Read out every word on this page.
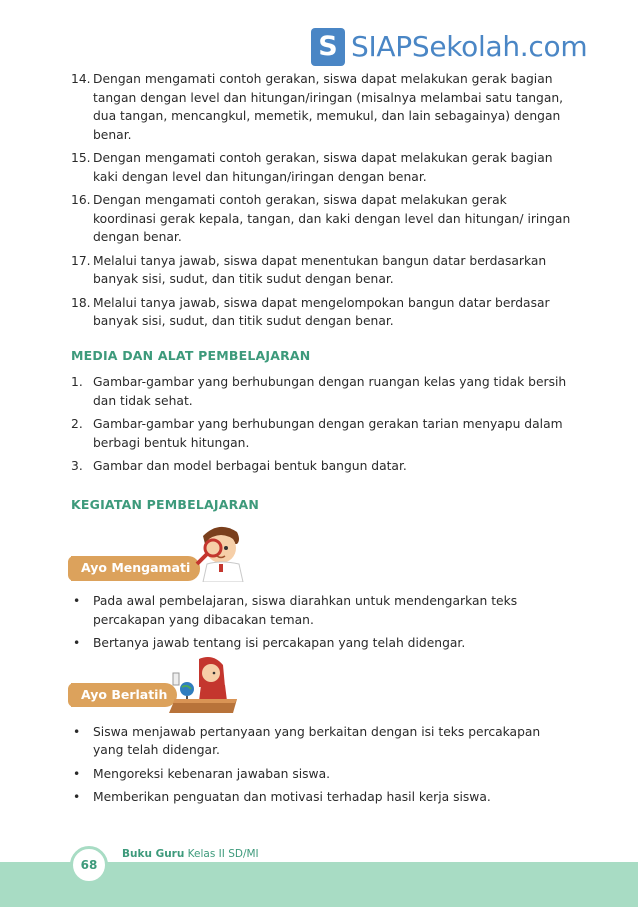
S SIAPSekolah.com
14. Dengan mengamati contoh gerakan, siswa dapat melakukan gerak bagian tangan dengan level dan hitungan/iringan (misalnya melambai satu tangan, dua tangan, mencangkul, memetik, memukul, dan lain sebagainya) dengan benar.
15. Dengan mengamati contoh gerakan, siswa dapat melakukan gerak bagian kaki dengan level dan hitungan/iringan dengan benar.
16. Dengan mengamati contoh gerakan, siswa dapat melakukan gerak koordinasi gerak kepala, tangan, dan kaki dengan level dan hitungan/ iringan dengan benar.
17. Melalui tanya jawab, siswa dapat menentukan bangun datar berdasarkan banyak sisi, sudut, dan titik sudut dengan benar.
18. Melalui tanya jawab, siswa dapat mengelompokan bangun datar berdasar banyak sisi, sudut, dan titik sudut dengan benar.
MEDIA DAN ALAT PEMBELAJARAN
1. Gambar-gambar yang berhubungan dengan ruangan kelas yang tidak bersih dan tidak sehat.
2. Gambar-gambar yang berhubungan dengan gerakan tarian menyapu dalam berbagi bentuk hitungan.
3. Gambar dan model berbagai bentuk bangun datar.
KEGIATAN PEMBELAJARAN
Ayo Mengamati
• Pada awal pembelajaran, siswa diarahkan untuk mendengarkan teks percakapan yang dibacakan teman.
• Bertanya jawab tentang isi percakapan yang telah didengar.
Ayo Berlatih
• Siswa menjawab pertanyaan yang berkaitan dengan isi teks percakapan yang telah didengar.
• Mengoreksi kebenaran jawaban siswa.
• Memberikan penguatan dan motivasi terhadap hasil kerja siswa.
68
Buku Guru Kelas II SD/MI
